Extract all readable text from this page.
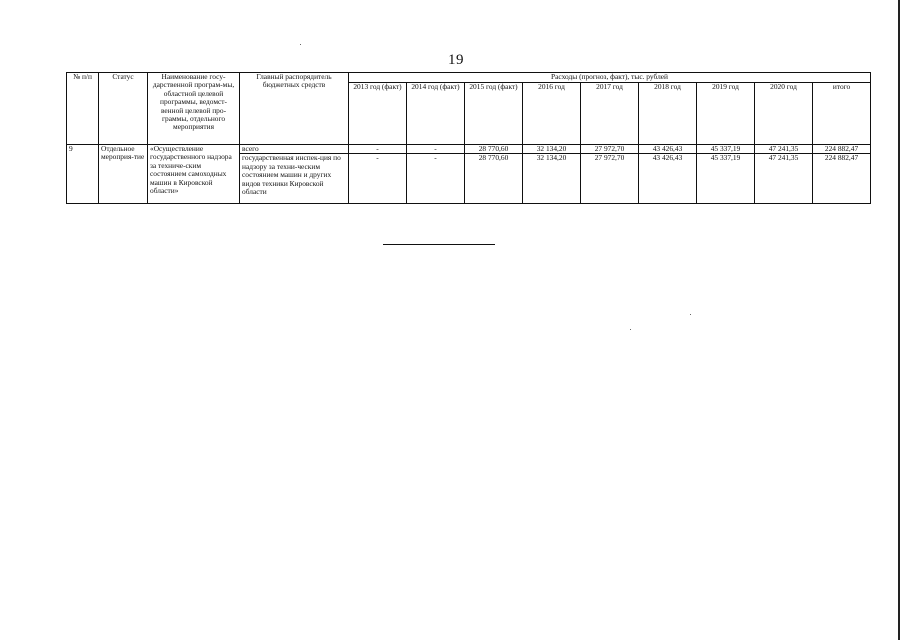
19
№ п/п	Статус	Наименование госу-дарственной програм-мы, областной целевой программы, ведомст-венной целевой про-граммы, отдельного мероприятия	Главный распорядитель бюджетных средств	Расходы (прогноз, факт), тыс. рублей								
				2013 год (факт)	2014 год (факт)	2015 год (факт)	2016 год	2017 год	2018 год	2019 год	2020 год	итого
9	Отдельное мероприя-тие	«Осуществление государственного надзора за техниче-ским состоянием самоходных машин в Кировской области»	всего	-	-	28 770,60	32 134,20	27 972,70	43 426,43	45 337,19	47 241,35	224 882,47
			государственная инспек-ция по надзору за техни-ческим состоянием машин и других видов техники Кировской области	-	-	28 770,60	32 134,20	27 972,70	43 426,43	45 337,19	47 241,35	224 882,47
